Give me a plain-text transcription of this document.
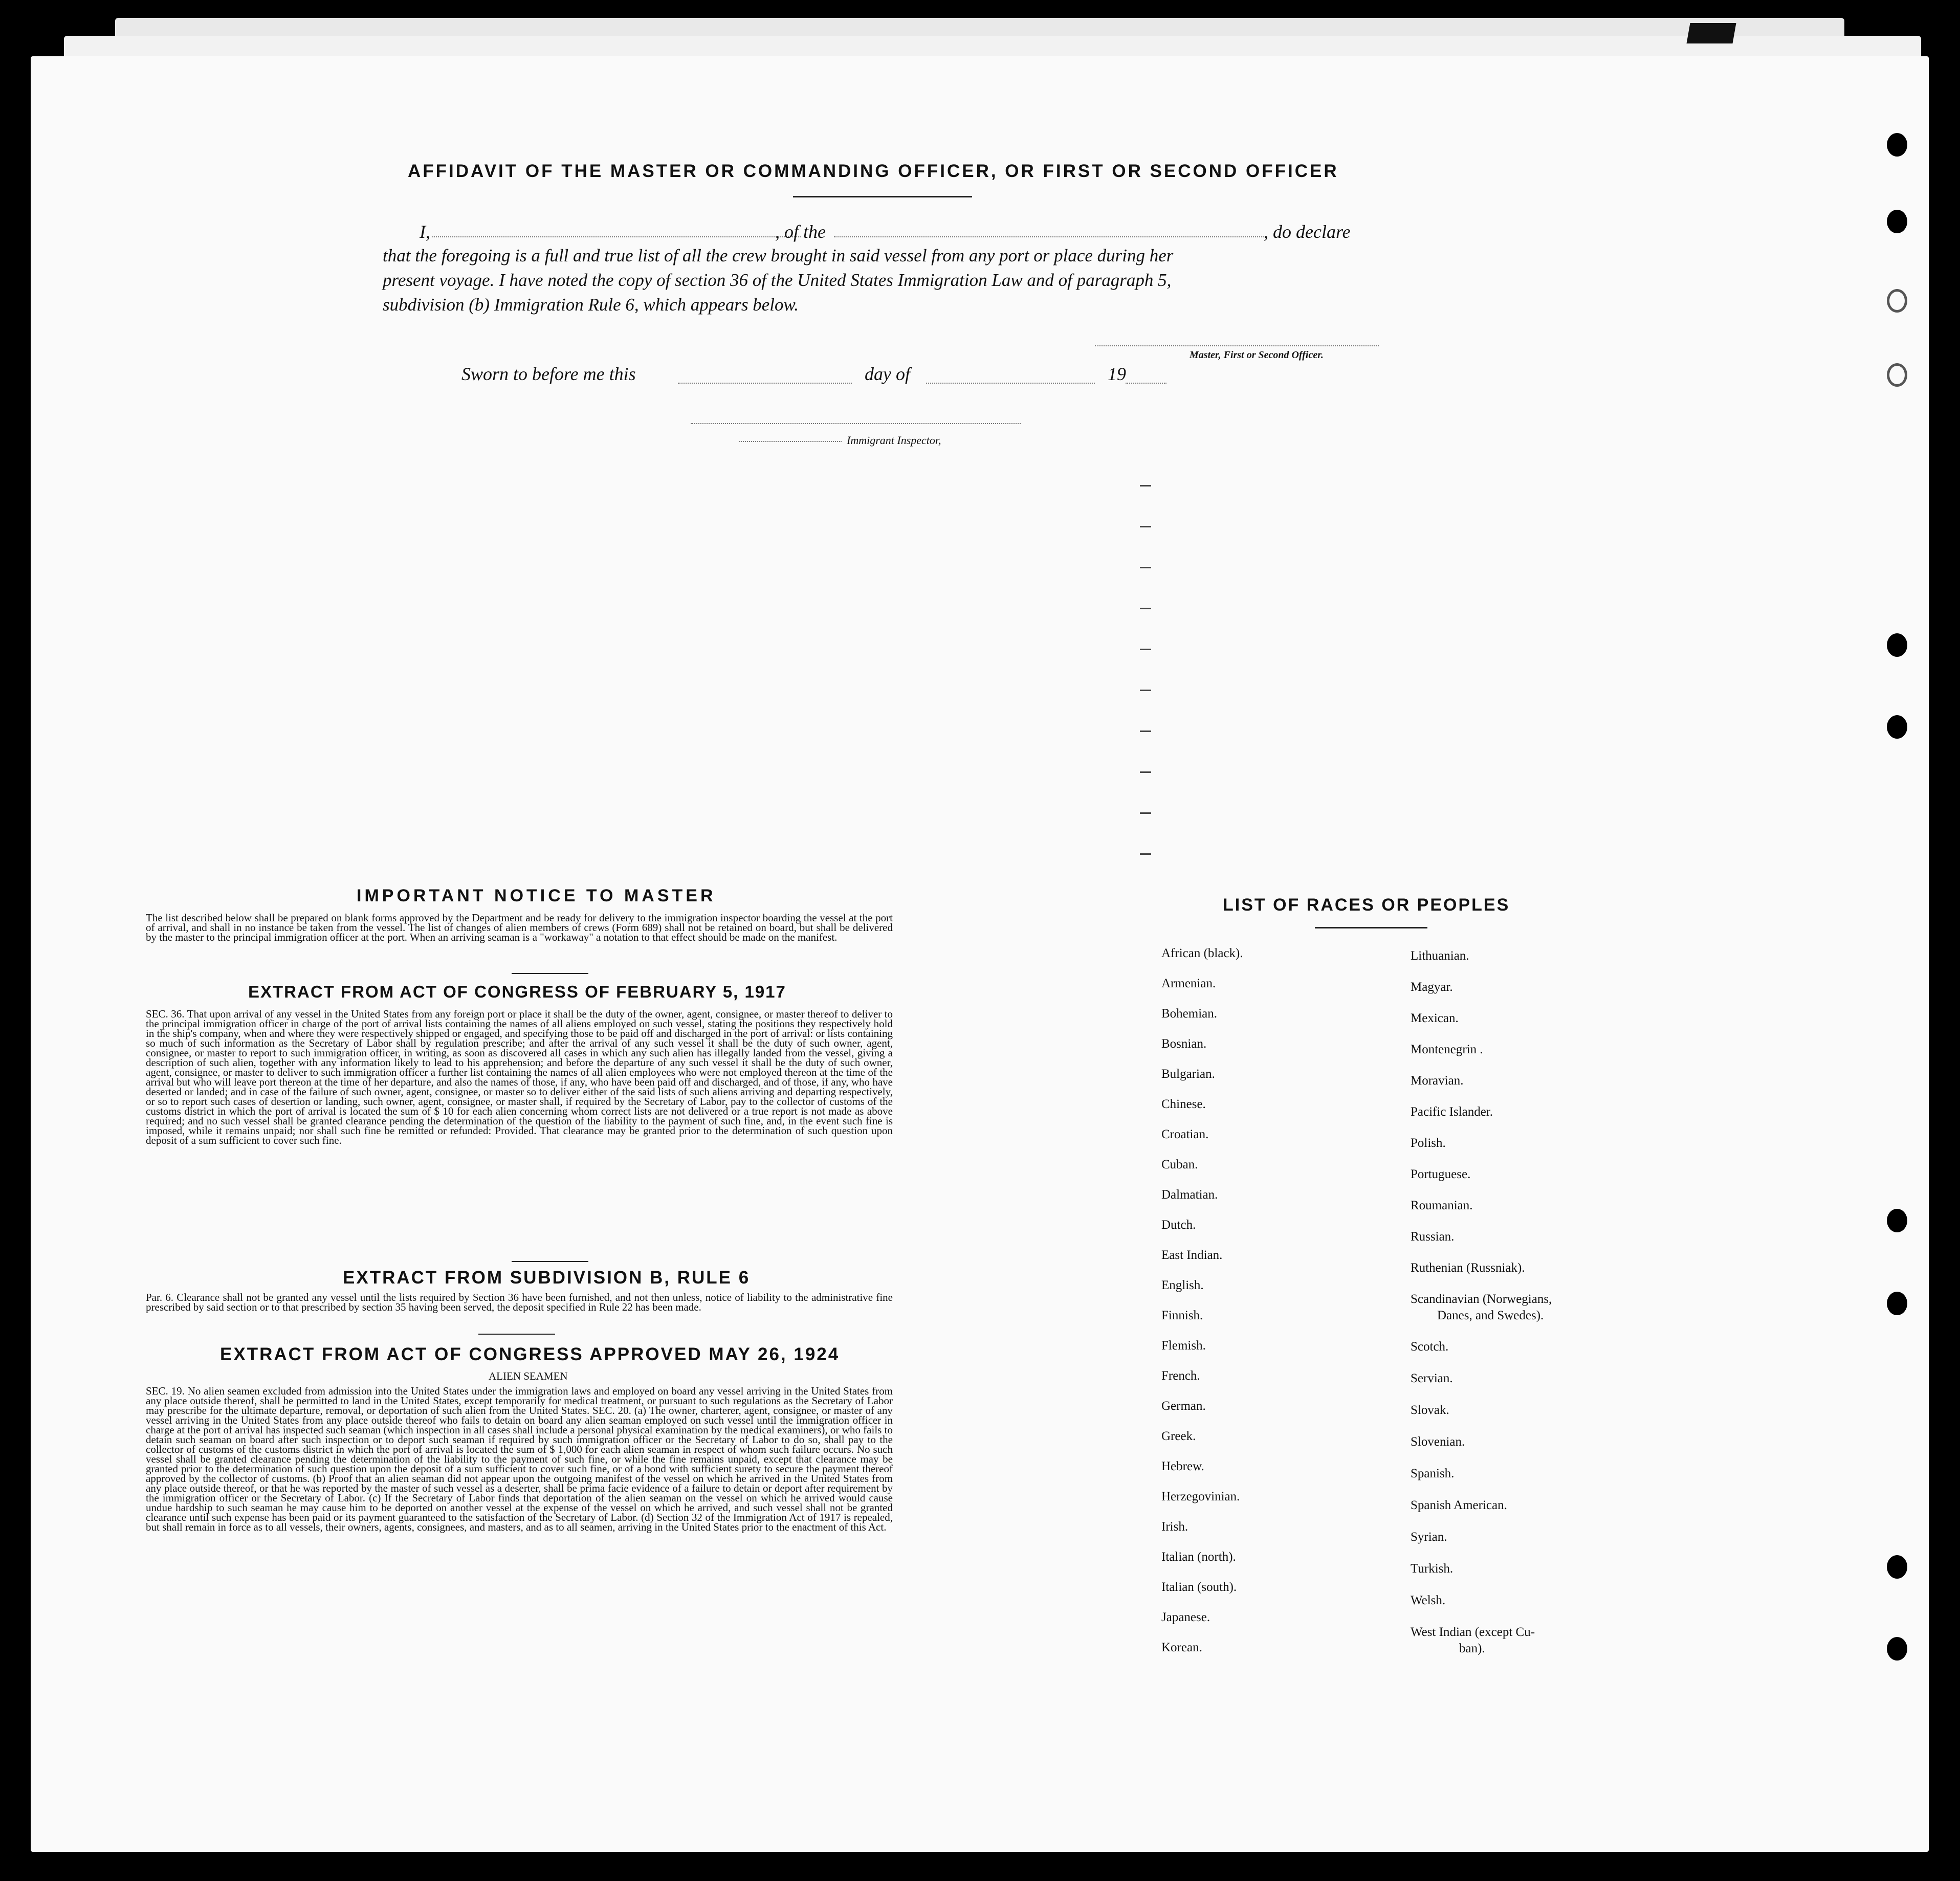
AFFIDAVIT OF THE MASTER OR COMMANDING OFFICER, OR FIRST OR SECOND OFFICER
I,	, of the	, do declare
that the foregoing is a full and true list of all the crew brought in said vessel from any port or place during her
present voyage. I have noted the copy of section 36 of the United States Immigration Law and of paragraph 5,
subdivision (b) Immigration Rule 6, which appears below.
Master, First or Second Officer.
Sworn to before me this	day of	19
Immigrant Inspector,
IMPORTANT NOTICE TO MASTER
The list described below shall be prepared on blank forms approved by the Department and be ready for delivery to the immigration inspector boarding the vessel at the port of arrival, and shall in no instance be taken from the vessel. The list of changes of alien members of crews (Form 689) shall not be retained on board, but shall be delivered by the master to the principal immigration officer at the port. When an arriving seaman is a "workaway" a notation to that effect should be made on the manifest.
EXTRACT FROM ACT OF CONGRESS OF FEBRUARY 5, 1917
SEC. 36. That upon arrival of any vessel in the United States from any foreign port or place it shall be the duty of the owner, agent, consignee, or master thereof to deliver to the principal immigration officer in charge of the port of arrival lists containing the names of all aliens employed on such vessel, stating the positions they respectively hold in the ship's company, when and where they were respectively shipped or engaged, and specifying those to be paid off and discharged in the port of arrival: or lists containing so much of such information as the Secretary of Labor shall by regulation prescribe; and after the arrival of any such vessel it shall be the duty of such owner, agent, consignee, or master to report to such immigration officer, in writing, as soon as discovered all cases in which any such alien has illegally landed from the vessel, giving a description of such alien, together with any information likely to lead to his apprehension; and before the departure of any such vessel it shall be the duty of such owner, agent, consignee, or master to deliver to such immigration officer a further list containing the names of all alien employees who were not employed thereon at the time of the arrival but who will leave port thereon at the time of her departure, and also the names of those, if any, who have been paid off and discharged, and of those, if any, who have deserted or landed; and in case of the failure of such owner, agent, consignee, or master so to deliver either of the said lists of such aliens arriving and departing respectively, or so to report such cases of desertion or landing, such owner, agent, consignee, or master shall, if required by the Secretary of Labor, pay to the collector of customs of the customs district in which the port of arrival is located the sum of $ 10 for each alien concerning whom correct lists are not delivered or a true report is not made as above required; and no such vessel shall be granted clearance pending the determination of the question of the liability to the payment of such fine, and, in the event such fine is imposed, while it remains unpaid; nor shall such fine be remitted or refunded: Provided. That clearance may be granted prior to the determination of such question upon deposit of a sum sufficient to cover such fine.
EXTRACT FROM SUBDIVISION B, RULE 6
Par. 6. Clearance shall not be granted any vessel until the lists required by Section 36 have been furnished, and not then unless, notice of liability to the administrative fine prescribed by said section or to that prescribed by section 35 having been served, the deposit specified in Rule 22 has been made.
EXTRACT FROM ACT OF CONGRESS APPROVED MAY 26, 1924
ALIEN SEAMEN
SEC. 19. No alien seamen excluded from admission into the United States under the immigration laws and employed on board any vessel arriving in the United States from any place outside thereof, shall be permitted to land in the United States, except temporarily for medical treatment, or pursuant to such regulations as the Secretary of Labor may prescribe for the ultimate departure, removal, or deportation of such alien from the United States. SEC. 20. (a) The owner, charterer, agent, consignee, or master of any vessel arriving in the United States from any place outside thereof who fails to detain on board any alien seaman employed on such vessel until the immigration officer in charge at the port of arrival has inspected such seaman (which inspection in all cases shall include a personal physical examination by the medical examiners), or who fails to detain such seaman on board after such inspection or to deport such seaman if required by such immigration officer or the Secretary of Labor to do so, shall pay to the collector of customs of the customs district in which the port of arrival is located the sum of $ 1,000 for each alien seaman in respect of whom such failure occurs. No such vessel shall be granted clearance pending the determination of the liability to the payment of such fine, or while the fine remains unpaid, except that clearance may be granted prior to the determination of such question upon the deposit of a sum sufficient to cover such fine, or of a bond with sufficient surety to secure the payment thereof approved by the collector of customs. (b) Proof that an alien seaman did not appear upon the outgoing manifest of the vessel on which he arrived in the United States from any place outside thereof, or that he was reported by the master of such vessel as a deserter, shall be prima facie evidence of a failure to detain or deport after requirement by the immigration officer or the Secretary of Labor. (c) If the Secretary of Labor finds that deportation of the alien seaman on the vessel on which he arrived would cause undue hardship to such seaman he may cause him to be deported on another vessel at the expense of the vessel on which he arrived, and such vessel shall not be granted clearance until such expense has been paid or its payment guaranteed to the satisfaction of the Secretary of Labor. (d) Section 32 of the Immigration Act of 1917 is repealed, but shall remain in force as to all vessels, their owners, agents, consignees, and masters, and as to all seamen, arriving in the United States prior to the enactment of this Act.
LIST OF RACES OR PEOPLES
African (black).
Armenian.
Bohemian.
Bosnian.
Bulgarian.
Chinese.
Croatian.
Cuban.
Dalmatian.
Dutch.
East Indian.
English.
Finnish.
Flemish.
French.
German.
Greek.
Hebrew.
Herzegovinian.
Irish.
Italian (north).
Italian (south).
Japanese.
Korean.
Lithuanian.
Magyar.
Mexican.
Montenegrin .
Moravian.
Pacific Islander.
Polish.
Portuguese.
Roumanian.
Russian.
Ruthenian (Russniak).
Scandinavian (Norwegians,
Danes, and Swedes).
Scotch.
Servian.
Slovak.
Slovenian.
Spanish.
Spanish American.
Syrian.
Turkish.
Welsh.
West Indian (except Cu-
ban).
